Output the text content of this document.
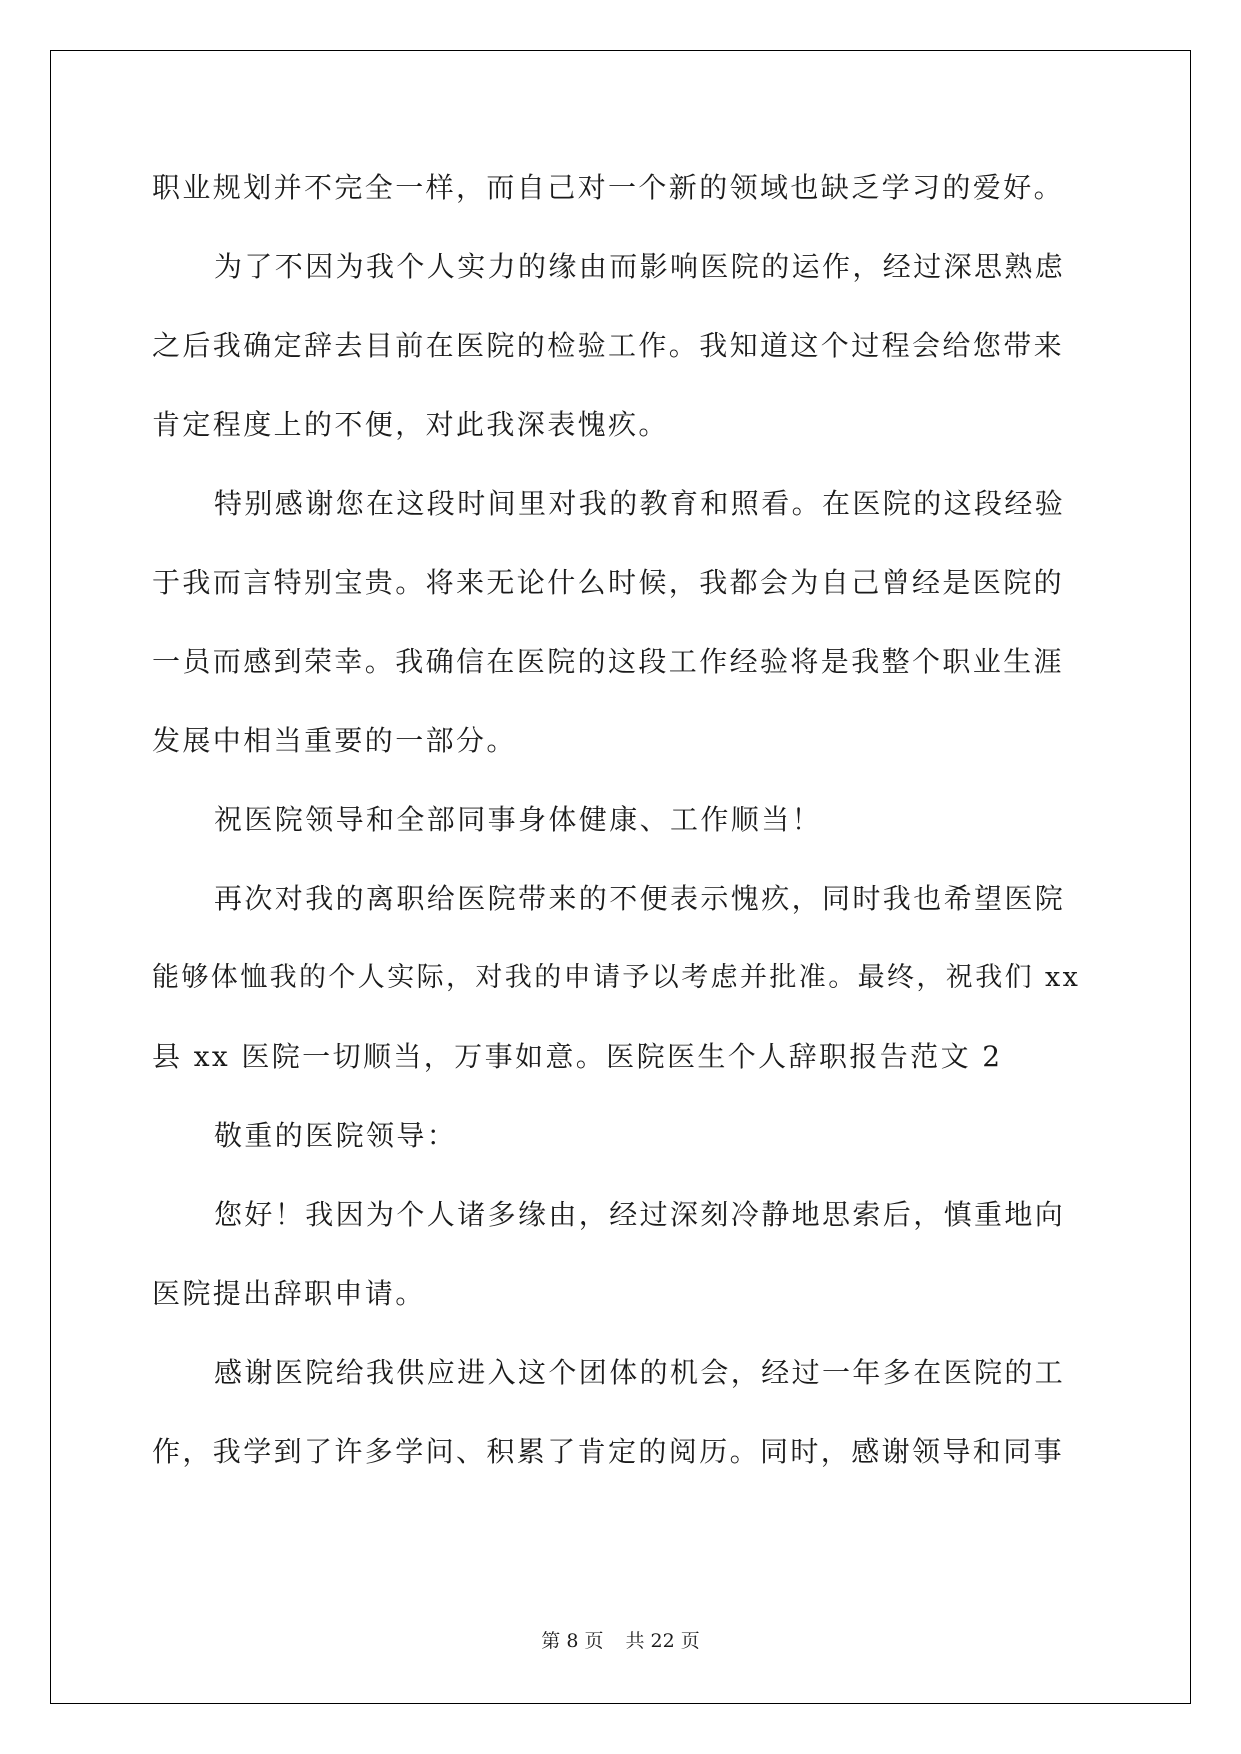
职业规划并不完全一样，而自己对一个新的领域也缺乏学习的爱好。

为了不因为我个人实力的缘由而影响医院的运作，经过深思熟虑

之后我确定辞去目前在医院的检验工作。我知道这个过程会给您带来

肯定程度上的不便，对此我深表愧疚。

特别感谢您在这段时间里对我的教育和照看。在医院的这段经验

于我而言特别宝贵。将来无论什么时候，我都会为自己曾经是医院的

一员而感到荣幸。我确信在医院的这段工作经验将是我整个职业生涯

发展中相当重要的一部分。

祝医院领导和全部同事身体健康、工作顺当！

再次对我的离职给医院带来的不便表示愧疚，同时我也希望医院

能够体恤我的个人实际，对我的申请予以考虑并批准。最终，祝我们 xx

县 xx 医院一切顺当，万事如意。医院医生个人辞职报告范文 2

敬重的医院领导：

您好！我因为个人诸多缘由，经过深刻冷静地思索后，慎重地向

医院提出辞职申请。

感谢医院给我供应进入这个团体的机会，经过一年多在医院的工

作，我学到了许多学问、积累了肯定的阅历。同时，感谢领导和同事

第 8 页 共 22 页
